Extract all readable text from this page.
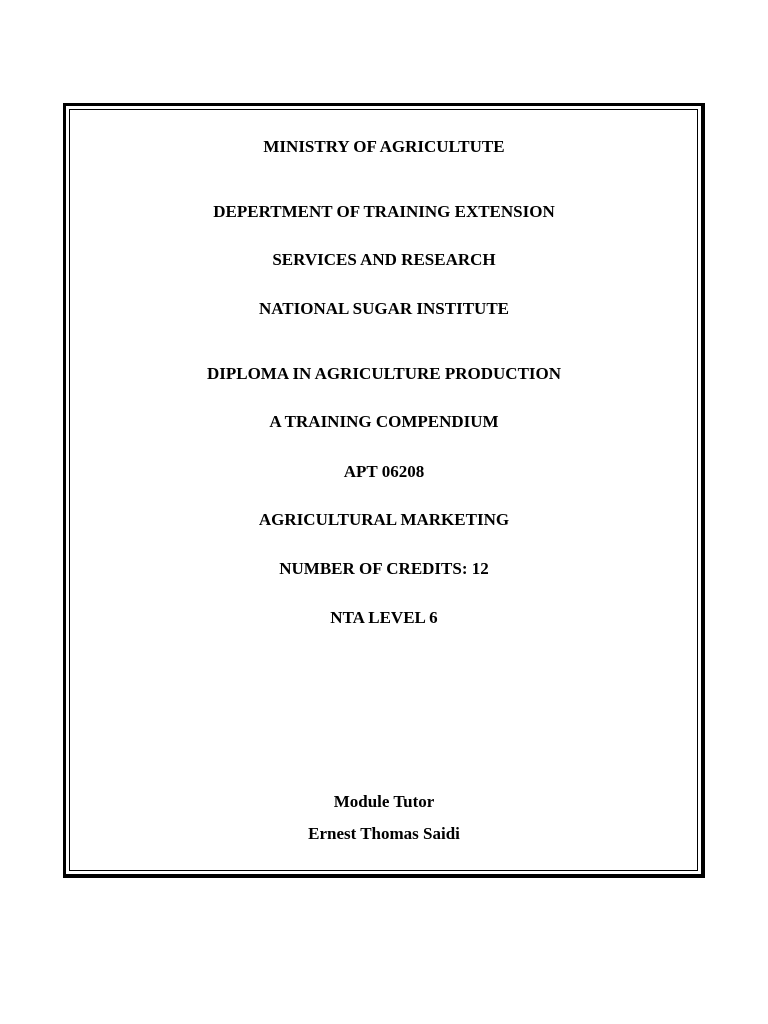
MINISTRY OF AGRICULTUTE
DEPERTMENT OF TRAINING EXTENSION
SERVICES AND RESEARCH
NATIONAL SUGAR INSTITUTE
DIPLOMA IN AGRICULTURE PRODUCTION
A TRAINING COMPENDIUM
APT 06208
AGRICULTURAL MARKETING
NUMBER OF CREDITS: 12
NTA LEVEL 6
Module Tutor
Ernest Thomas Saidi
